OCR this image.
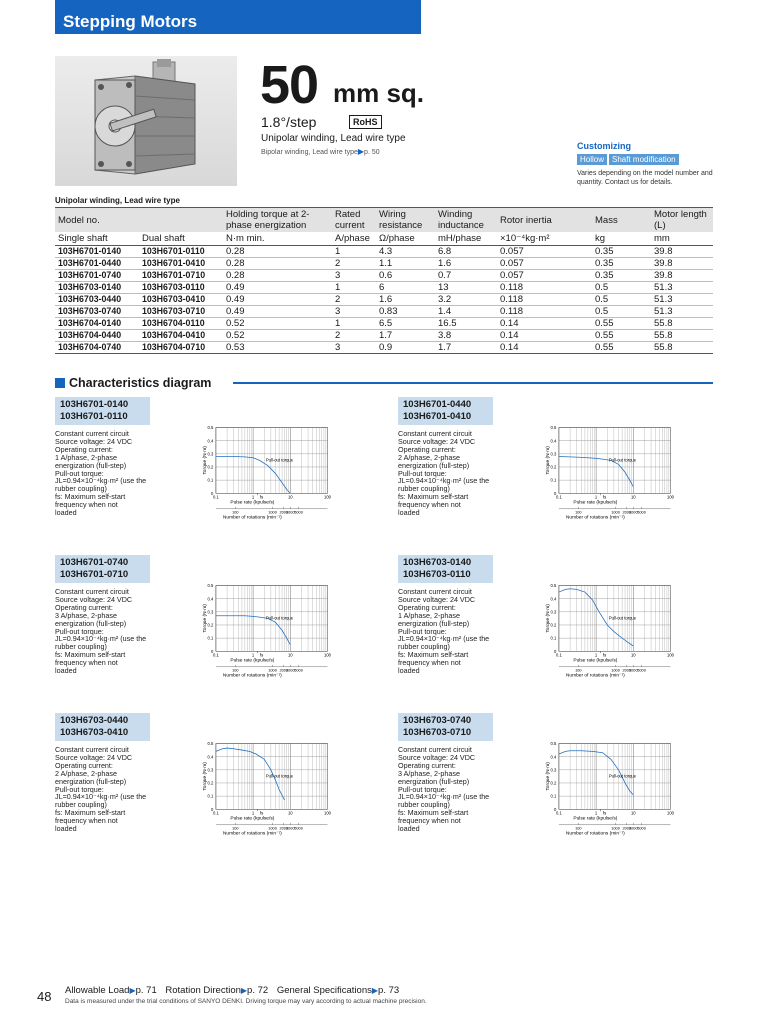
Stepping Motors
50 mm sq.
1.8°/step	RoHS
Unipolar winding, Lead wire type
Bipolar winding, Lead wire type▶p. 50
Customizing
Hollow	Shaft modification
Varies depending on the model number and quantity. Contact us for details.
Unipolar winding, Lead wire type
Model no.		Holding torque at 2-phase energization	Rated current	Wiring resistance	Winding inductance	Rotor inertia	Mass	Motor length (L)
Single shaft	Dual shaft	N·m min.	A/phase	Ω/phase	mH/phase	×10⁻⁴kg·m²	kg	mm
103H6701-0140	103H6701-0110	0.28	1	4.3	6.8	0.057	0.35	39.8
103H6701-0440	103H6701-0410	0.28	2	1.1	1.6	0.057	0.35	39.8
103H6701-0740	103H6701-0710	0.28	3	0.6	0.7	0.057	0.35	39.8
103H6703-0140	103H6703-0110	0.49	1	6	13	0.118	0.5	51.3
103H6703-0440	103H6703-0410	0.49	2	1.6	3.2	0.118	0.5	51.3
103H6703-0740	103H6703-0710	0.49	3	0.83	1.4	0.118	0.5	51.3
103H6704-0140	103H6704-0110	0.52	1	6.5	16.5	0.14	0.55	55.8
103H6704-0440	103H6704-0410	0.52	2	1.7	3.8	0.14	0.55	55.8
103H6704-0740	103H6704-0710	0.53	3	0.9	1.7	0.14	0.55	55.8
Characteristics diagram
103H6701-0140
103H6701-0110
Constant current circuit
Source voltage: 24 VDC
Operating current:
1 A/phase, 2-phase
energization (full-step)
Pull-out torque:
JL=0.94×10⁻⁴kg·m² (use the
rubber coupling)
fs: Maximum self-start
frequency when not
loaded
0
0.1
0.2
0.3
0.4
0.5
0.1	1	10	100
fs
Pulse rate (kpulse/s)
100	1000 2000
3000 5000
Number of rotations (min⁻¹)
Torque (N·m)	Pull-out torque
103H6701-0440
103H6701-0410
Constant current circuit
Source voltage: 24 VDC
Operating current:
2 A/phase, 2-phase
energization (full-step)
Pull-out torque:
JL=0.94×10⁻⁴kg·m² (use the
rubber coupling)
fs: Maximum self-start
frequency when not
loaded
0
0.1
0.2
0.3
0.4
0.5
0.1	1	10	100
fs
Pulse rate (kpulse/s)
100	1000 2000
3000 5000
Number of rotations (min⁻¹)
Torque (N·m)	Pull-out torque
103H6701-0740
103H6701-0710
Constant current circuit
Source voltage: 24 VDC
Operating current:
3 A/phase, 2-phase
energization (full-step)
Pull-out torque:
JL=0.94×10⁻⁴kg·m² (use the
rubber coupling)
fs: Maximum self-start
frequency when not
loaded
0
0.1
0.2
0.3
0.4
0.5
0.1	1	10	100
fs
Pulse rate (kpulse/s)
100	1000 2000
3000 5000
Number of rotations (min⁻¹)
Torque (N·m)	Pull-out torque
103H6703-0140
103H6703-0110
Constant current circuit
Source voltage: 24 VDC
Operating current:
1 A/phase, 2-phase
energization (full-step)
Pull-out torque:
JL=0.94×10⁻⁴kg·m² (use the
rubber coupling)
fs: Maximum self-start
frequency when not
loaded
0
0.1
0.2
0.3
0.4
0.5
0.1	1	10	100
fs
Pulse rate (kpulse/s)
100	1000 2000
3000 5000
Number of rotations (min⁻¹)
Torque (N·m)	Pull-out torque
103H6703-0440
103H6703-0410
Constant current circuit
Source voltage: 24 VDC
Operating current:
2 A/phase, 2-phase
energization (full-step)
Pull-out torque:
JL=0.94×10⁻⁴kg·m² (use the
rubber coupling)
fs: Maximum self-start
frequency when not
loaded
0
0.1
0.2
0.3
0.4
0.5
0.1	1	10	100
fs
Pulse rate (kpulse/s)
100	1000 2000
3000 5000
Number of rotations (min⁻¹)
Torque (N·m)	Pull-out torque
103H6703-0740
103H6703-0710
Constant current circuit
Source voltage: 24 VDC
Operating current:
3 A/phase, 2-phase
energization (full-step)
Pull-out torque:
JL=0.94×10⁻⁴kg·m² (use the
rubber coupling)
fs: Maximum self-start
frequency when not
loaded
0
0.1
0.2
0.3
0.4
0.5
0.1	1	10	100
fs
Pulse rate (kpulse/s)
100	1000 2000
3000 5000
Number of rotations (min⁻¹)
Torque (N·m)	Pull-out torque
48 Allowable Load▶p. 71 Rotation Direction▶p. 72 General Specifications▶p. 73
Data is measured under the trial conditions of SANYO DENKI. Driving torque may vary according to actual machine precision.
